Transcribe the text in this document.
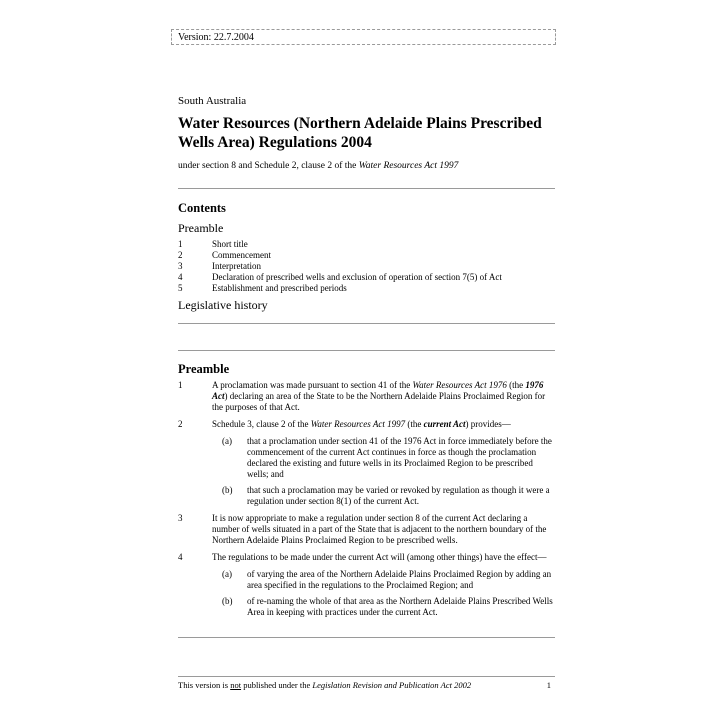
Version: 22.7.2004
South Australia
Water Resources (Northern Adelaide Plains Prescribed Wells Area) Regulations 2004
under section 8 and Schedule 2, clause 2 of the Water Resources Act 1997
Contents
Preamble
1	Short title
2	Commencement
3	Interpretation
4	Declaration of prescribed wells and exclusion of operation of section 7(5) of Act
5	Establishment and prescribed periods
Legislative history
Preamble
1	A proclamation was made pursuant to section 41 of the Water Resources Act 1976 (the 1976 Act) declaring an area of the State to be the Northern Adelaide Plains Proclaimed Region for the purposes of that Act.
2	Schedule 3, clause 2 of the Water Resources Act 1997 (the current Act) provides—
(a)	that a proclamation under section 41 of the 1976 Act in force immediately before the commencement of the current Act continues in force as though the proclamation declared the existing and future wells in its Proclaimed Region to be prescribed wells; and
(b)	that such a proclamation may be varied or revoked by regulation as though it were a regulation under section 8(1) of the current Act.
3	It is now appropriate to make a regulation under section 8 of the current Act declaring a number of wells situated in a part of the State that is adjacent to the northern boundary of the Northern Adelaide Plains Proclaimed Region to be prescribed wells.
4	The regulations to be made under the current Act will (among other things) have the effect—
(a)	of varying the area of the Northern Adelaide Plains Proclaimed Region by adding an area specified in the regulations to the Proclaimed Region; and
(b)	of re-naming the whole of that area as the Northern Adelaide Plains Prescribed Wells Area in keeping with practices under the current Act.
This version is not published under the Legislation Revision and Publication Act 2002	1
